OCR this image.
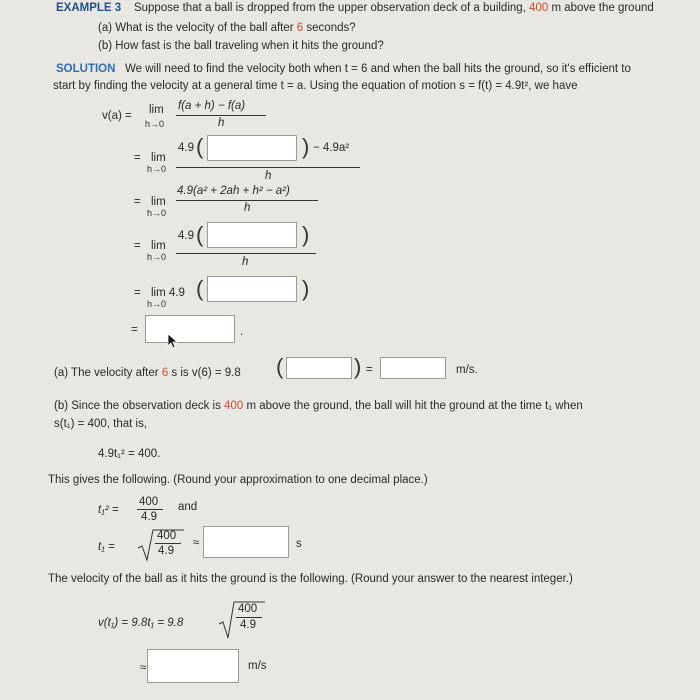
EXAMPLE 3 Suppose that a ball is dropped from the upper observation deck of a building, 400 m above the ground
(a) What is the velocity of the ball after 6 seconds?
(b) How fast is the ball traveling when it hits the ground?
SOLUTION We will need to find the velocity both when t = 6 and when the ball hits the ground, so it's efficient to
start by finding the velocity at a general time t = a. Using the equation of motion s = f(t) = 4.9t², we have
v(a) = lim
h→0
f(a + h) − f(a)
h
= lim
h→0
4.9 (	) − 4.9a²
h
= lim
h→0
4.9(a² + 2ah + h² − a²)
h
= lim
h→0
4.9 (	)
h
= lim 4.9
h→0
(	)
=	.
(a) The velocity after 6 s is v(6) = 9.8 (	) =	m/s.
(b) Since the observation deck is 400 m above the ground, the ball will hit the ground at the time t₁ when
s(t₁) = 400, that is,
4.9t₁² = 400.
This gives the following. (Round your approximation to one decimal place.)
t₁² =
400
4.9
and
t₁ =
400
4.9
≈	s
The velocity of the ball as it hits the ground is the following. (Round your answer to the nearest integer.)
v(t₁) = 9.8t₁ = 9.8
400
4.9
≈	m/s
